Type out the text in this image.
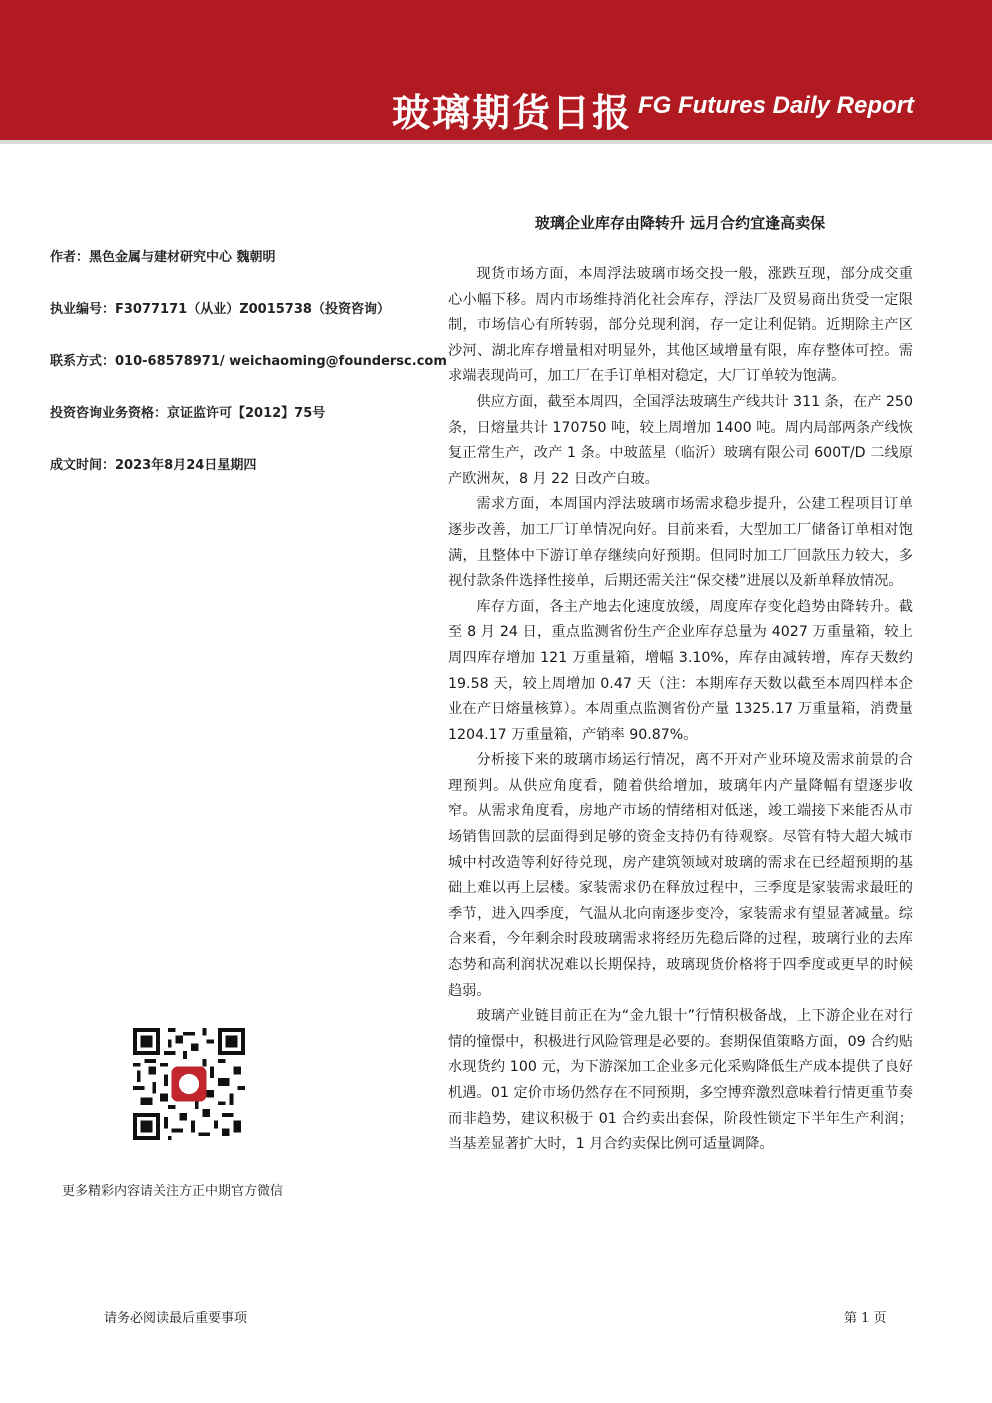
玻璃期货日报 FG Futures Daily Report
作者：黑色金属与建材研究中心 魏朝明
执业编号：F3077171（从业）Z0015738（投资咨询）
联系方式：010-68578971/ weichaoming@foundersc.com
投资咨询业务资格：京证监许可【2012】75号
成文时间：2023年8月24日星期四
玻璃企业库存由降转升 远月合约宜逢高卖保

现货市场方面，本周浮法玻璃市场交投一般，涨跌互现，部分成交重心小幅下移。周内市场维持消化社会库存，浮法厂及贸易商出货受一定限制，市场信心有所转弱，部分兑现利润，存一定让利促销。近期除主产区沙河、湖北库存增量相对明显外，其他区域增量有限，库存整体可控。需求端表现尚可，加工厂在手订单相对稳定，大厂订单较为饱满。

供应方面，截至本周四，全国浮法玻璃生产线共计 311 条，在产 250 条，日熔量共计 170750 吨，较上周增加 1400 吨。周内局部两条产线恢复正常生产，改产 1 条。中玻蓝星（临沂）玻璃有限公司 600T/D 二线原产欧洲灰，8 月 22 日改产白玻。

需求方面，本周国内浮法玻璃市场需求稳步提升，公建工程项目订单逐步改善，加工厂订单情况向好。目前来看，大型加工厂储备订单相对饱满，且整体中下游订单存继续向好预期。但同时加工厂回款压力较大，多视付款条件选择性接单，后期还需关注“保交楼”进展以及新单释放情况。

库存方面，各主产地去化速度放缓，周度库存变化趋势由降转升。截至 8 月 24 日，重点监测省份生产企业库存总量为 4027 万重量箱，较上周四库存增加 121 万重量箱，增幅 3.10%，库存由减转增，库存天数约 19.58 天，较上周增加 0.47 天（注：本期库存天数以截至本周四样本企业在产日熔量核算）。本周重点监测省份产量 1325.17 万重量箱，消费量 1204.17 万重量箱，产销率 90.87%。

分析接下来的玻璃市场运行情况，离不开对产业环境及需求前景的合理预判。从供应角度看，随着供给增加，玻璃年内产量降幅有望逐步收窄。从需求角度看，房地产市场的情绪相对低迷，竣工端接下来能否从市场销售回款的层面得到足够的资金支持仍有待观察。尽管有特大超大城市城中村改造等利好待兑现，房产建筑领域对玻璃的需求在已经超预期的基础上难以再上层楼。家装需求仍在释放过程中，三季度是家装需求最旺的季节，进入四季度，气温从北向南逐步变冷，家装需求有望显著减量。综合来看，今年剩余时段玻璃需求将经历先稳后降的过程，玻璃行业的去库态势和高利润状况难以长期保持，玻璃现货价格将于四季度或更早的时候趋弱。

玻璃产业链目前正在为“金九银十”行情积极备战，上下游企业在对行情的憧憬中，积极进行风险管理是必要的。套期保值策略方面，09 合约贴水现货约 100 元，为下游深加工企业多元化采购降低生产成本提供了良好机遇。01 定价市场仍然存在不同预期，多空博弈激烈意味着行情更重节奏而非趋势，建议积极于 01 合约卖出套保，阶段性锁定下半年生产利润；当基差显著扩大时，1 月合约卖保比例可适量调降。

更多精彩内容请关注方正中期官方微信
请务必阅读最后重要事项	第 1 页
